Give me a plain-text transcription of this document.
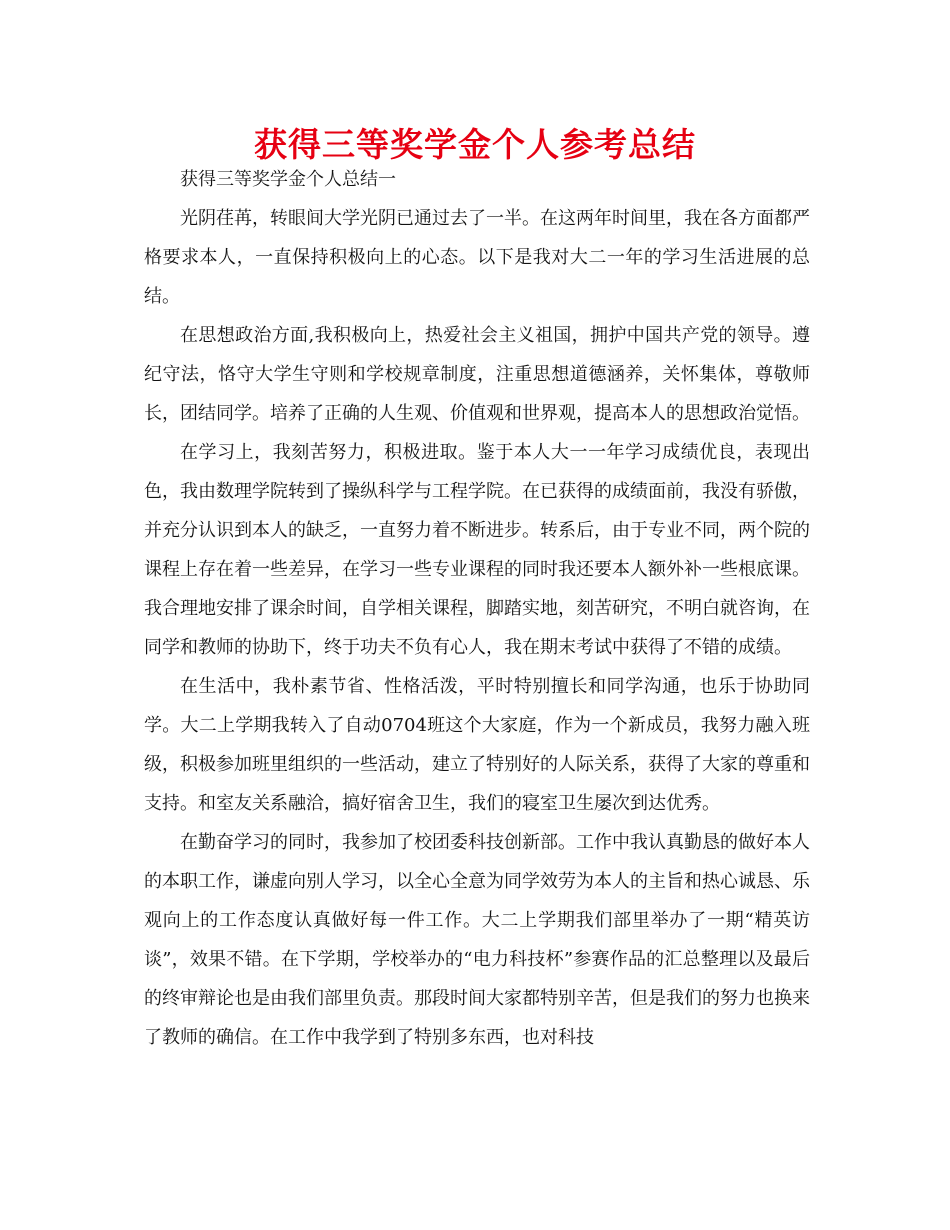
获得三等奖学金个人参考总结

获得三等奖学金个人总结一

光阴荏苒，转眼间大学光阴已通过去了一半。在这两年时间里，我在各方面都严格要求本人，一直保持积极向上的心态。以下是我对大二一年的学习生活进展的总结。

在思想政治方面,我积极向上，热爱社会主义祖国，拥护中国共产党的领导。遵纪守法，恪守大学生守则和学校规章制度，注重思想道德涵养，关怀集体，尊敬师长，团结同学。培养了正确的人生观、价值观和世界观，提高本人的思想政治觉悟。

在学习上，我刻苦努力，积极进取。鉴于本人大一一年学习成绩优良，表现出色，我由数理学院转到了操纵科学与工程学院。在已获得的成绩面前，我没有骄傲，并充分认识到本人的缺乏，一直努力着不断进步。转系后，由于专业不同，两个院的课程上存在着一些差异，在学习一些专业课程的同时我还要本人额外补一些根底课。我合理地安排了课余时间，自学相关课程，脚踏实地，刻苦研究，不明白就咨询，在同学和教师的协助下，终于功夫不负有心人，我在期末考试中获得了不错的成绩。

在生活中，我朴素节省、性格活泼，平时特别擅长和同学沟通，也乐于协助同学。大二上学期我转入了自动0704班这个大家庭，作为一个新成员，我努力融入班级，积极参加班里组织的一些活动，建立了特别好的人际关系，获得了大家的尊重和支持。和室友关系融洽，搞好宿舍卫生，我们的寝室卫生屡次到达优秀。

在勤奋学习的同时，我参加了校团委科技创新部。工作中我认真勤恳的做好本人的本职工作，谦虚向别人学习，以全心全意为同学效劳为本人的主旨和热心诚恳、乐观向上的工作态度认真做好每一件工作。大二上学期我们部里举办了一期“精英访谈”，效果不错。在下学期，学校举办的“电力科技杯”参赛作品的汇总整理以及最后的终审辩论也是由我们部里负责。那段时间大家都特别辛苦，但是我们的努力也换来了教师的确信。在工作中我学到了特别多东西，也对科技
